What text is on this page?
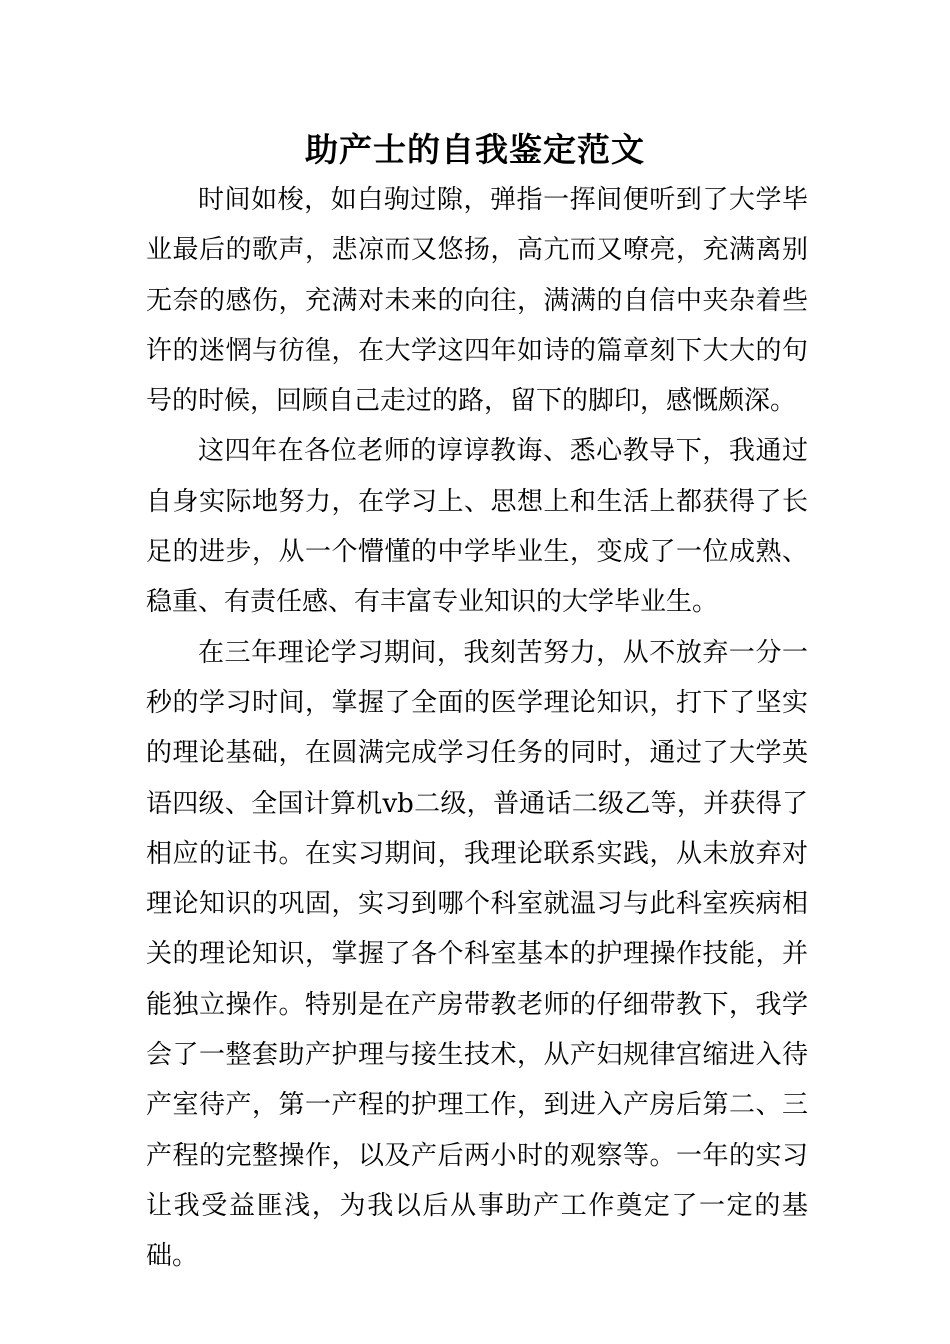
助产士的自我鉴定范文

时间如梭，如白驹过隙，弹指一挥间便听到了大学毕业最后的歌声，悲凉而又悠扬，高亢而又嘹亮，充满离别无奈的感伤，充满对未来的向往，满满的自信中夹杂着些许的迷惘与彷徨，在大学这四年如诗的篇章刻下大大的句号的时候，回顾自己走过的路，留下的脚印，感慨颇深。

这四年在各位老师的谆谆教诲、悉心教导下，我通过自身实际地努力，在学习上、思想上和生活上都获得了长足的进步，从一个懵懂的中学毕业生，变成了一位成熟、稳重、有责任感、有丰富专业知识的大学毕业生。

在三年理论学习期间，我刻苦努力，从不放弃一分一秒的学习时间，掌握了全面的医学理论知识，打下了坚实的理论基础，在圆满完成学习任务的同时，通过了大学英语四级、全国计算机vb二级，普通话二级乙等，并获得了相应的证书。在实习期间，我理论联系实践，从未放弃对理论知识的巩固，实习到哪个科室就温习与此科室疾病相关的理论知识，掌握了各个科室基本的护理操作技能，并能独立操作。特别是在产房带教老师的仔细带教下，我学会了一整套助产护理与接生技术，从产妇规律宫缩进入待产室待产，第一产程的护理工作，到进入产房后第二、三产程的完整操作，以及产后两小时的观察等。一年的实习让我受益匪浅，为我以后从事助产工作奠定了一定的基础。
